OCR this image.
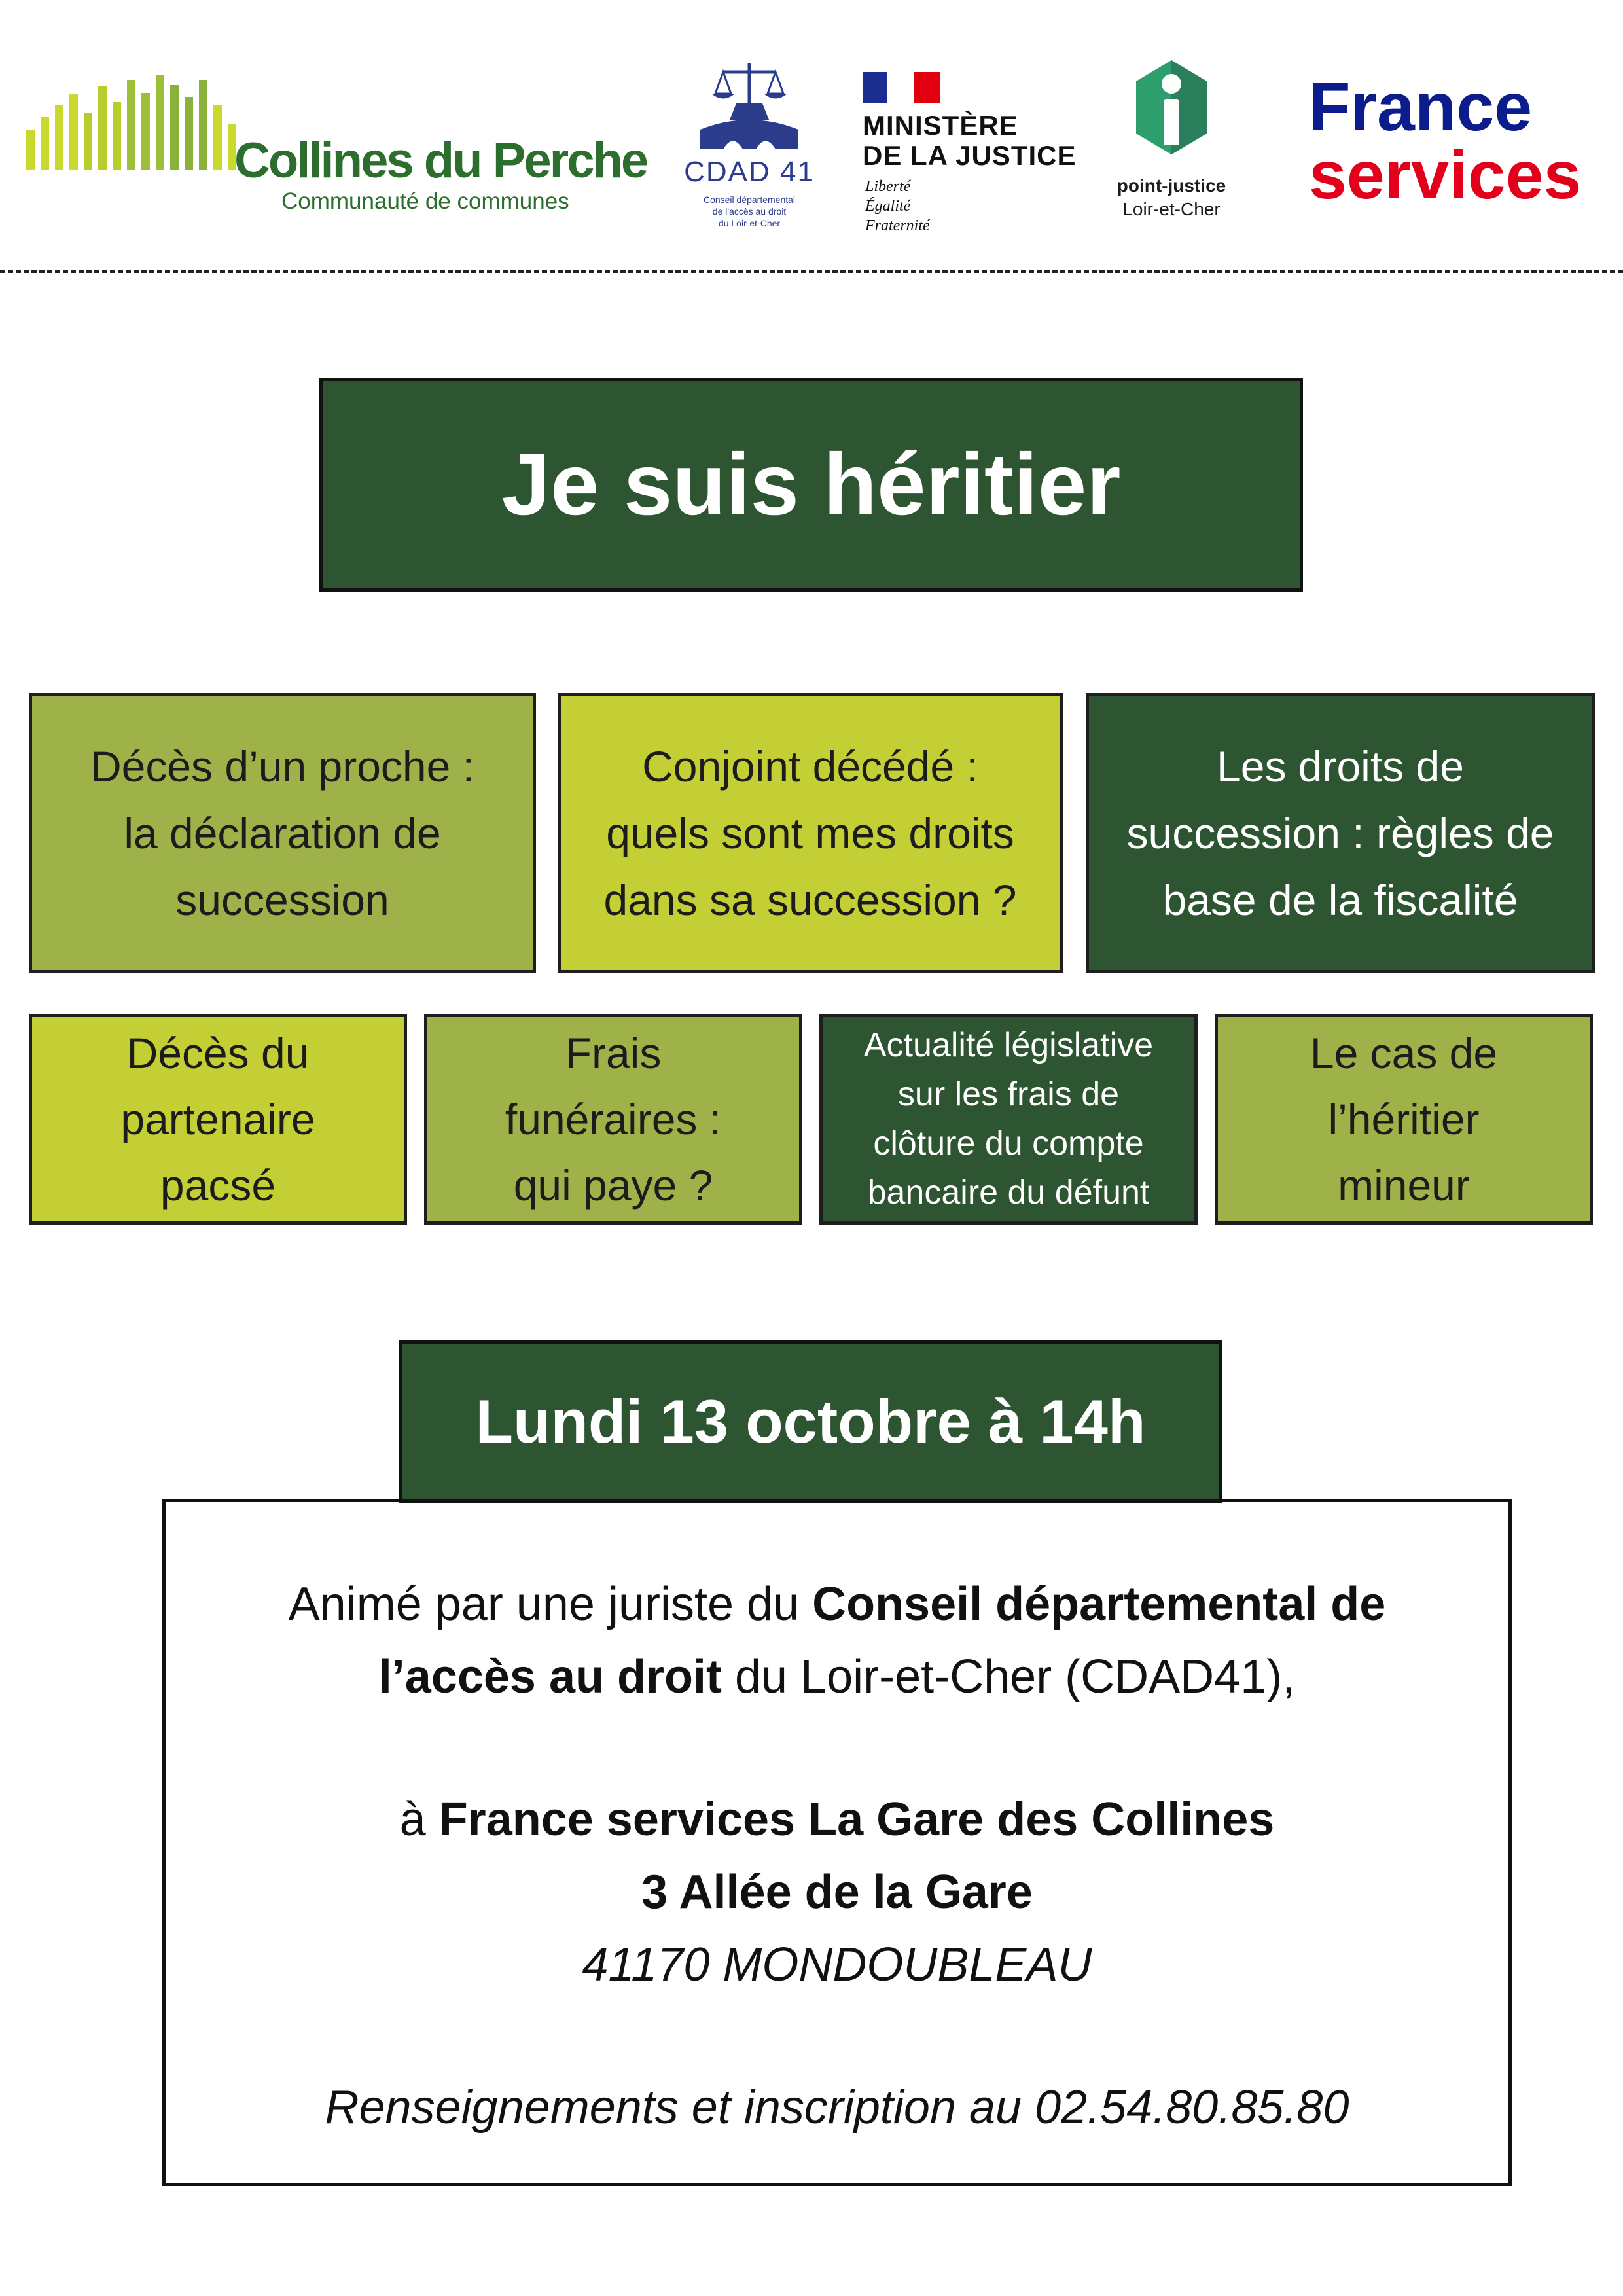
Collines du Perche
Communauté de communes
CDAD 41
Conseil départemental
de l'accès au droit
du Loir-et-Cher
MINISTÈRE
DE LA JUSTICE
Liberté
Égalité
Fraternité
point-justice
Loir-et-Cher
France
services
Je suis héritier
Décès d’un proche :
la déclaration de
succession
Conjoint décédé :
quels sont mes droits
dans sa succession ?
Les droits de
succession : règles de
base de la fiscalité
Décès du
partenaire
pacsé
Frais
funéraires :
qui paye ?
Actualité législative
sur les frais de
clôture du compte
bancaire du défunt
Le cas de
l’héritier
mineur
Animé par une juriste du Conseil départemental de
l’accès au droit du Loir-et-Cher (CDAD41),
à France services La Gare des Collines
3 Allée de la Gare
41170 MONDOUBLEAU
Renseignements et inscription au 02.54.80.85.80
Lundi 13 octobre à 14h
